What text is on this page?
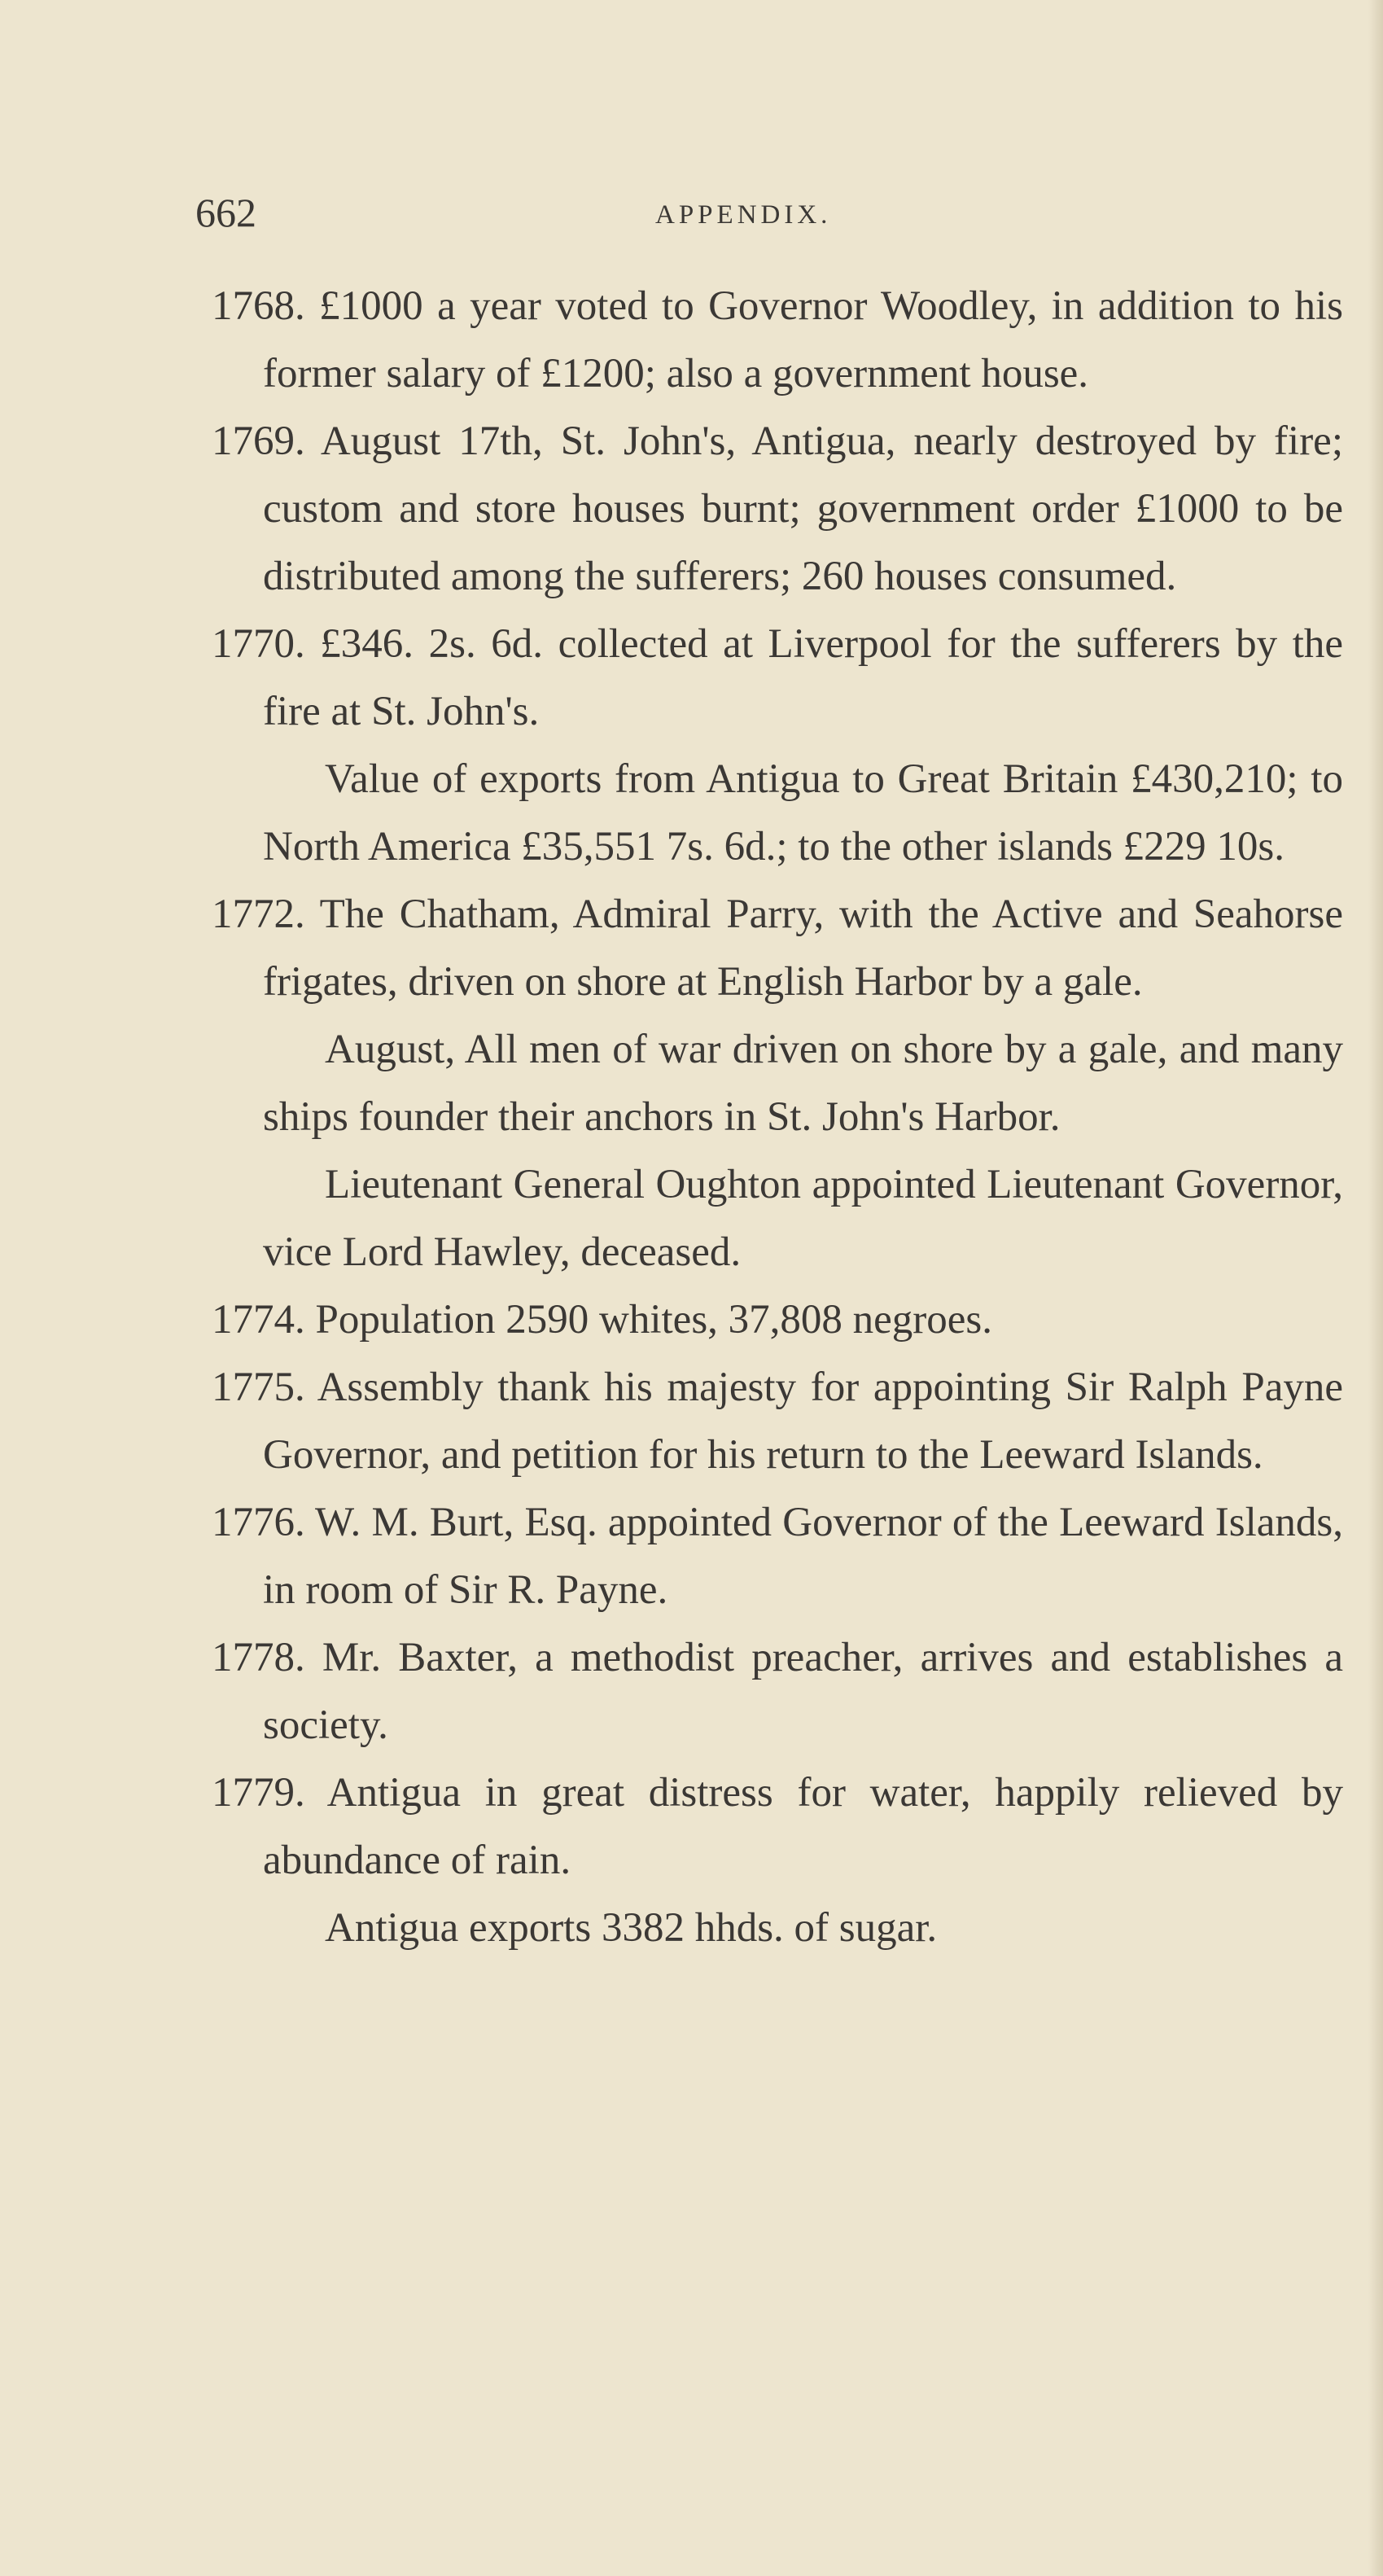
662	APPENDIX.

1768. £1000 a year voted to Governor Woodley, in addition to his former salary of £1200; also a government house.

1769. August 17th, St. John's, Antigua, nearly destroyed by fire; custom and store houses burnt; government order £1000 to be distributed among the sufferers; 260 houses consumed.

1770. £346. 2s. 6d. collected at Liverpool for the sufferers by the fire at St. John's.

Value of exports from Antigua to Great Britain £430,210; to North America £35,551 7s. 6d.; to the other islands £229 10s.

1772. The Chatham, Admiral Parry, with the Active and Seahorse frigates, driven on shore at English Harbor by a gale.

August, All men of war driven on shore by a gale, and many ships founder their anchors in St. John's Harbor.

Lieutenant General Oughton appointed Lieutenant Governor, vice Lord Hawley, deceased.

1774. Population 2590 whites, 37,808 negroes.

1775. Assembly thank his majesty for appointing Sir Ralph Payne Governor, and petition for his return to the Leeward Islands.

1776. W. M. Burt, Esq. appointed Governor of the Leeward Islands, in room of Sir R. Payne.

1778. Mr. Baxter, a methodist preacher, arrives and establishes a society.

1779. Antigua in great distress for water, happily relieved by abundance of rain.

Antigua exports 3382 hhds. of sugar.
